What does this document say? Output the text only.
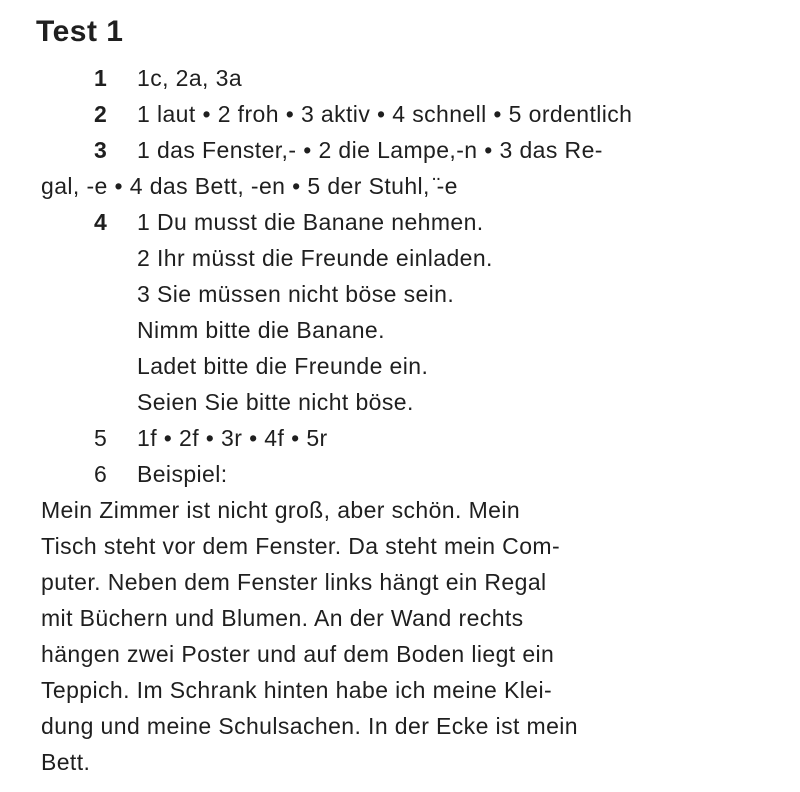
Test 1
1	1c, 2a, 3a
2	1 laut • 2 froh • 3 aktiv • 4 schnell • 5 ordentlich
3	1 das Fenster,- • 2 die Lampe,-n • 3 das Re-
gal, -e • 4 das Bett, -en • 5 der Stuhl, ̈-e
4	1 Du musst die Banane nehmen.
2 Ihr müsst die Freunde einladen.
3 Sie müssen nicht böse sein.
Nimm bitte die Banane.
Ladet bitte die Freunde ein.
Seien Sie bitte nicht böse.
5	1f • 2f • 3r • 4f • 5r
6	Beispiel:
Mein Zimmer ist nicht groß, aber schön. Mein
Tisch steht vor dem Fenster. Da steht mein Com-
puter. Neben dem Fenster links hängt ein Regal
mit Büchern und Blumen. An der Wand rechts
hängen zwei Poster und auf dem Boden liegt ein
Teppich. Im Schrank hinten habe ich meine Klei-
dung und meine Schulsachen. In der Ecke ist mein
Bett.
